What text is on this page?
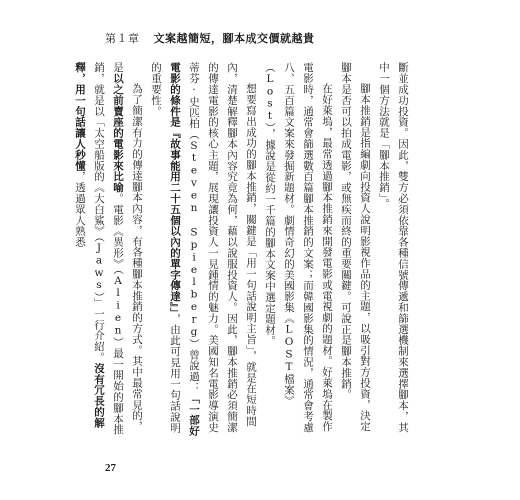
第１章 文案越簡短，腳本成交價就越貴

斷並成功投資。因此，雙方必須依靠各種信號傳遞和篩選機制來選擇腳本，其中一個方法就是「腳本推銷」。

腳本推銷是指編劇向投資人說明影視作品的主題，以吸引對方投資，決定腳本是否可以拍成電影，或無疾而終的重要關鍵。可說正是腳本推銷。

在好萊塢，最常透過腳本推銷來開發電影或電視劇的題材。好萊塢在製作電影時，通常會篩選數百篇腳本推銷的文案；而韓國影集的情況，通常會考慮八、五百篇文案來發掘新題材。劇情奇幻的美國影集《LOST檔案》（Lost），據說是從約一千篇的腳本文案中選定題材。

想要寫出成功的腳本推銷，關鍵是「用一句話說明主旨」，就是在短時間內，清楚解釋腳本內容究竟為何，藉以說服投資人。因此，腳本推銷必須簡潔的傳達電影的核心主題，展現讓投資人一見鍾情的魅力。美國知名電影導演史蒂芬·史匹柏（Steven Spielberg）曾說過：「一部好電影的條件是『故事能用二十五個以內的單字傳達』」，由此可見用一句話說明的重要性。

為了簡潔有力的傳達腳本內容，有各種腳本推銷的方式。其中最常見的，是以之前賣座的電影來比喻。電影《異形》（Alien）最一開始的腳本推銷，就是以「太空船版的《大白鯊》（Jaws）」一行介紹。沒有冗長的解釋，用一句話讓人秒懂，透過眾人熟悉

27
